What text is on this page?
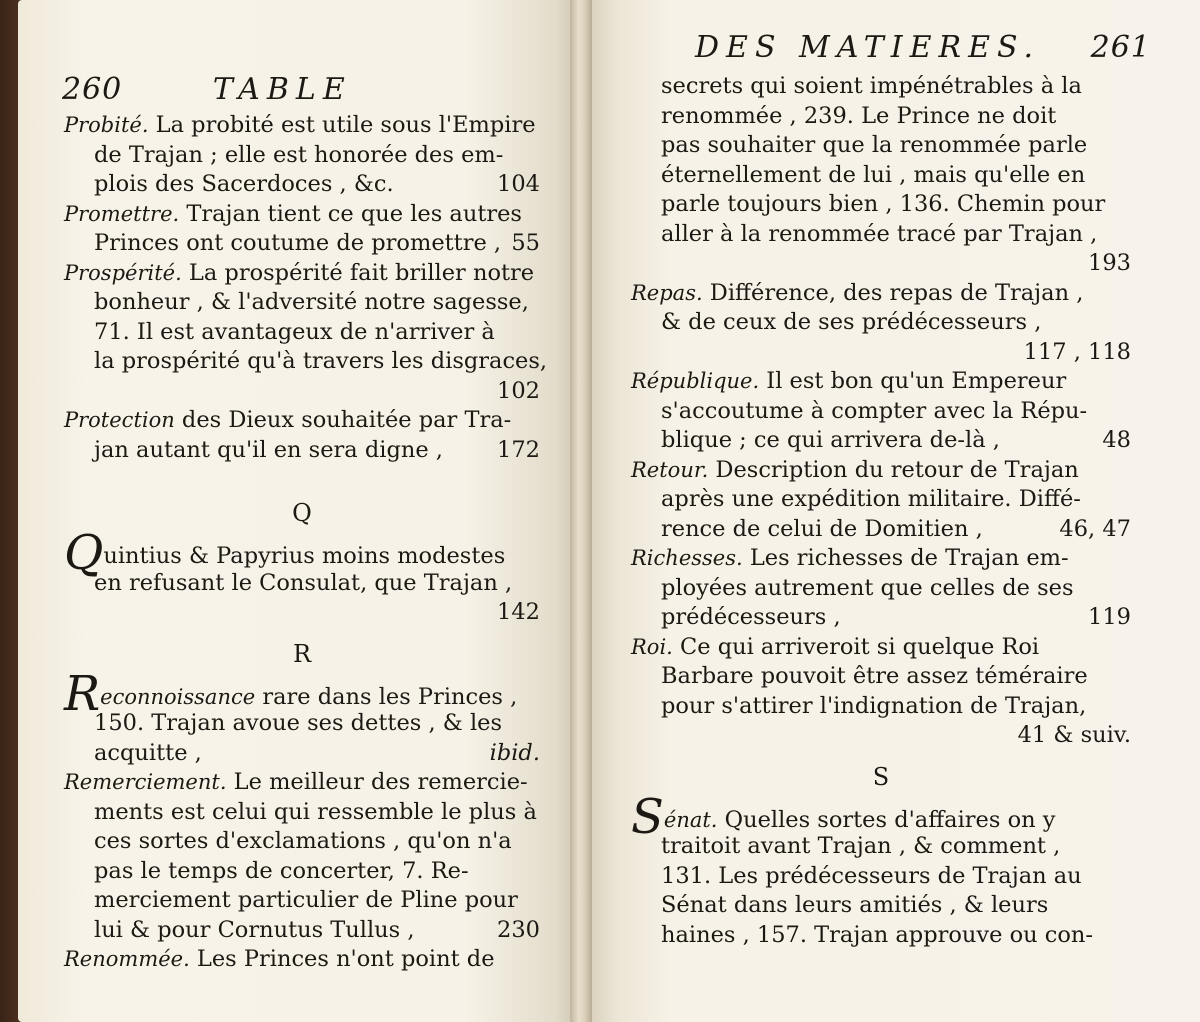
260	TABLE
Probité. La probité est utile sous l'Empire
de Trajan ; elle est honorée des em-
plois des Sacerdoces , &c.	104
Promettre. Trajan tient ce que les autres
Princes ont coutume de promettre , 55
Prospérité. La prospérité fait briller notre
bonheur , & l'adversité notre sagesse,
71. Il est avantageux de n'arriver à
la prospérité qu'à travers les disgraces,
102
Protection des Dieux souhaitée par Tra-
jan autant qu'il en sera digne , 172
Q
Quintius & Papyrius moins modestes
en refusant le Consulat, que Trajan ,
142
R
Reconnoissance rare dans les Princes ,
150. Trajan avoue ses dettes , & les
acquitte ,	ibid.
Remerciement. Le meilleur des remercie-
ments est celui qui ressemble le plus à
ces sortes d'exclamations , qu'on n'a
pas le temps de concerter, 7. Re-
merciement particulier de Pline pour
lui & pour Cornutus Tullus ,	230
Renommée. Les Princes n'ont point de
DES MATIERES. 261
secrets qui soient impénétrables à la
renommée , 239. Le Prince ne doit
pas souhaiter que la renommée parle
éternellement de lui , mais qu'elle en
parle toujours bien , 136. Chemin pour
aller à la renommée tracé par Trajan ,
193
Repas. Différence, des repas de Trajan ,
& de ceux de ses prédécesseurs ,
117 , 118
République. Il est bon qu'un Empereur
s'accoutume à compter avec la Répu-
blique ; ce qui arrivera de-là ,	48
Retour. Description du retour de Trajan
après une expédition militaire. Diffé-
rence de celui de Domitien ,	46, 47
Richesses. Les richesses de Trajan em-
ployées autrement que celles de ses
prédécesseurs ,	119
Roi. Ce qui arriveroit si quelque Roi
Barbare pouvoit être assez téméraire
pour s'attirer l'indignation de Trajan,
41 & suiv.
S
Sénat. Quelles sortes d'affaires on y
traitoit avant Trajan , & comment ,
131. Les prédécesseurs de Trajan au
Sénat dans leurs amitiés , & leurs
haines , 157. Trajan approuve ou con-
